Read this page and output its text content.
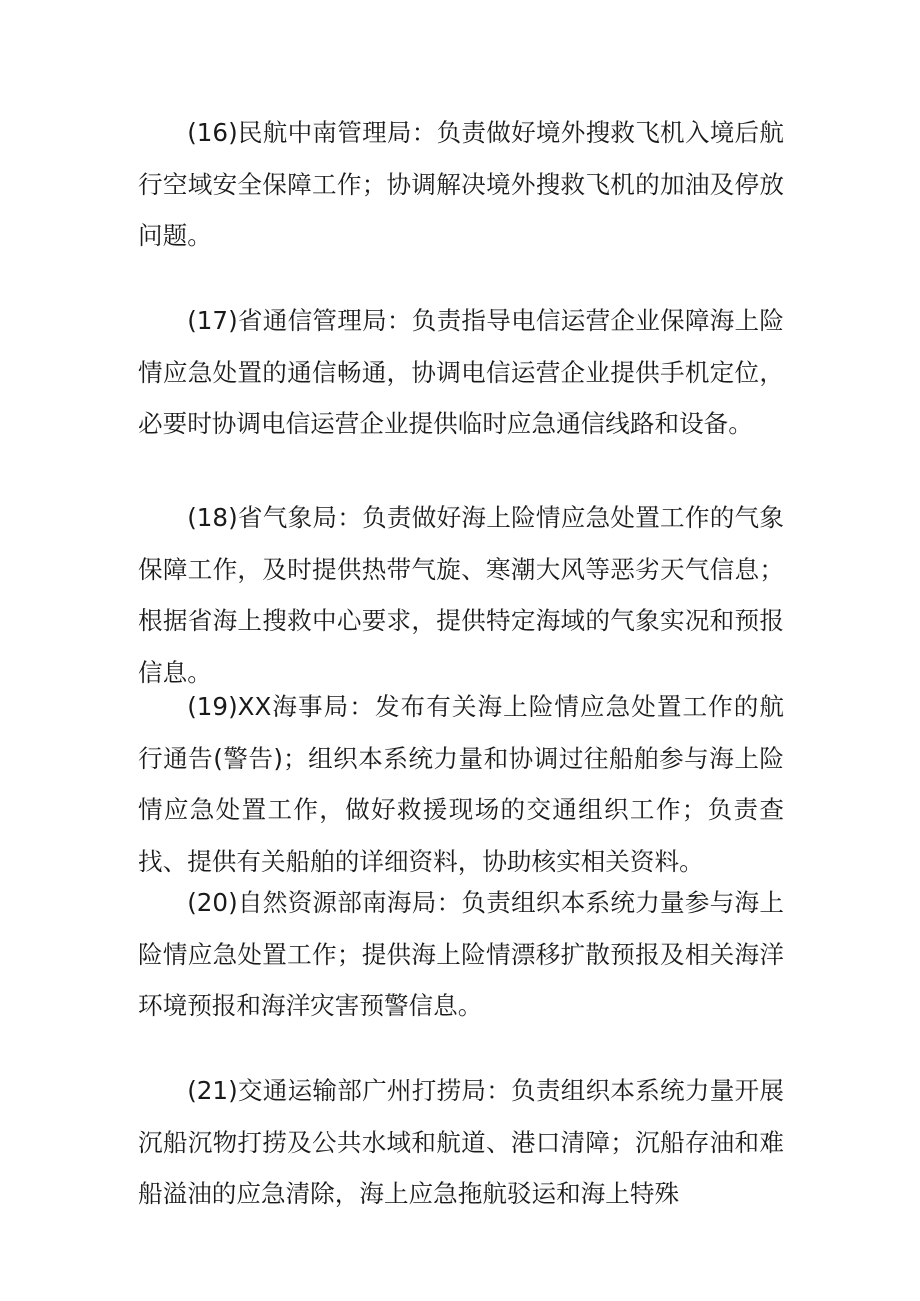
(16)民航中南管理局：负责做好境外搜救飞机入境后航行空域安全保障工作；协调解决境外搜救飞机的加油及停放问题。

(17)省通信管理局：负责指导电信运营企业保障海上险情应急处置的通信畅通，协调电信运营企业提供手机定位，必要时协调电信运营企业提供临时应急通信线路和设备。

(18)省气象局：负责做好海上险情应急处置工作的气象保障工作，及时提供热带气旋、寒潮大风等恶劣天气信息；根据省海上搜救中心要求，提供特定海域的气象实况和预报信息。

(19)XX海事局：发布有关海上险情应急处置工作的航行通告(警告)；组织本系统力量和协调过往船舶参与海上险情应急处置工作，做好救援现场的交通组织工作；负责查找、提供有关船舶的详细资料，协助核实相关资料。

(20)自然资源部南海局：负责组织本系统力量参与海上险情应急处置工作；提供海上险情漂移扩散预报及相关海洋环境预报和海洋灾害预警信息。

(21)交通运输部广州打捞局：负责组织本系统力量开展沉船沉物打捞及公共水域和航道、港口清障；沉船存油和难船溢油的应急清除，海上应急拖航驳运和海上特殊
